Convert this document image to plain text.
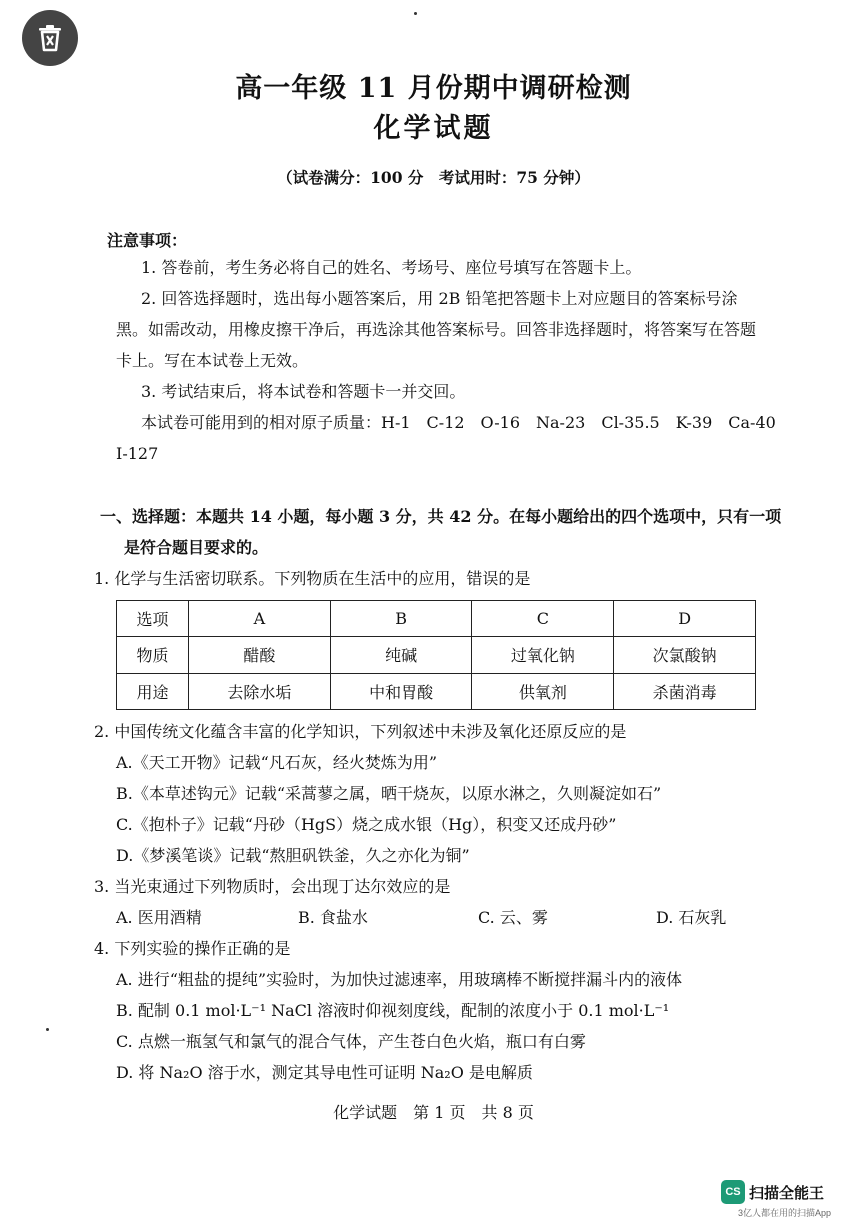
高一年级 11 月份期中调研检测
化学试题
（试卷满分：100 分　考试用时：75 分钟）
注意事项：
1. 答卷前，考生务必将自己的姓名、考场号、座位号填写在答题卡上。
2. 回答选择题时，选出每小题答案后，用 2B 铅笔把答题卡上对应题目的答案标号涂
黑。如需改动，用橡皮擦干净后，再选涂其他答案标号。回答非选择题时，将答案写在答题
卡上。写在本试卷上无效。
3. 考试结束后，将本试卷和答题卡一并交回。
本试卷可能用到的相对原子质量：H-1　C-12　O-16　Na-23　Cl-35.5　K-39　Ca-40
I-127
一、选择题：本题共 14 小题，每小题 3 分，共 42 分。在每小题给出的四个选项中，只有一项
是符合题目要求的。
1. 化学与生活密切联系。下列物质在生活中的应用，错误的是
选项	A	B	C	D
物质	醋酸	纯碱	过氧化钠	次氯酸钠
用途	去除水垢	中和胃酸	供氧剂	杀菌消毒
2. 中国传统文化蕴含丰富的化学知识，下列叙述中未涉及氧化还原反应的是
A.《天工开物》记载“凡石灰，经火焚炼为用”
B.《本草述钩元》记载“采蒿蓼之属，晒干烧灰，以原水淋之，久则凝淀如石”
C.《抱朴子》记载“丹砂（HgS）烧之成水银（Hg），积变又还成丹砂”
D.《梦溪笔谈》记载“熬胆矾铁釜，久之亦化为铜”
3. 当光束通过下列物质时，会出现丁达尔效应的是
A. 医用酒精	B. 食盐水	C. 云、雾	D. 石灰乳
4. 下列实验的操作正确的是
A. 进行“粗盐的提纯”实验时，为加快过滤速率，用玻璃棒不断搅拌漏斗内的液体
B. 配制 0.1 mol·L⁻¹ NaCl 溶液时仰视刻度线，配制的浓度小于 0.1 mol·L⁻¹
C. 点燃一瓶氢气和氯气的混合气体，产生苍白色火焰，瓶口有白雾
D. 将 Na₂O 溶于水，测定其导电性可证明 Na₂O 是电解质
化学试题　第 1 页　共 8 页
CS 扫描全能王
3亿人都在用的扫描App
